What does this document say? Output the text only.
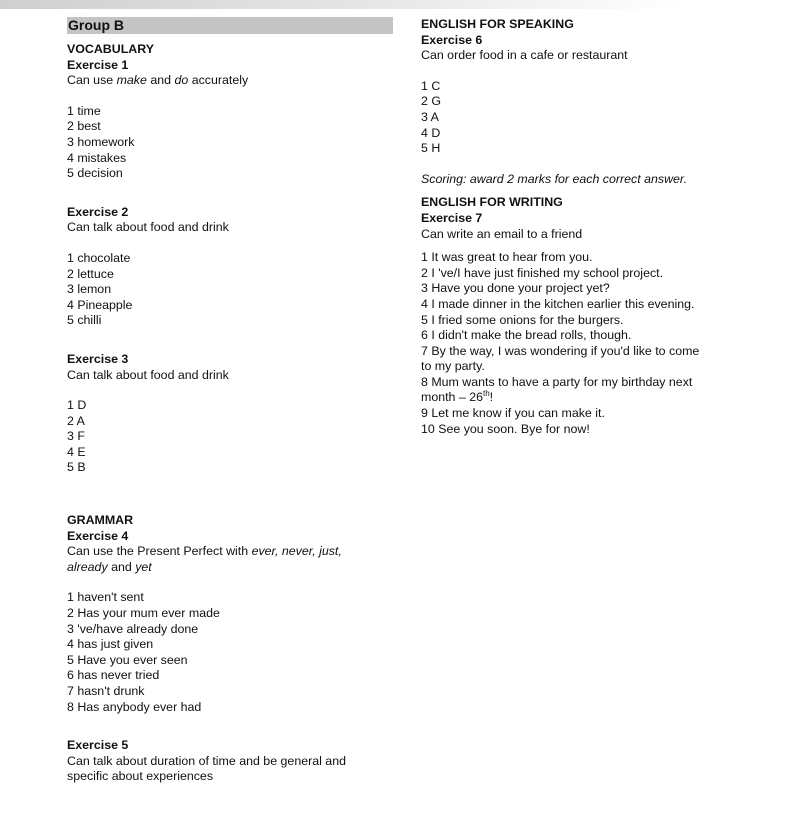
Group B
VOCABULARY
Exercise 1
Can use make and do accurately
1 time
2 best
3 homework
4 mistakes
5 decision
Exercise 2
Can talk about food and drink
1 chocolate
2 lettuce
3 lemon
4 Pineapple
5 chilli
Exercise 3
Can talk about food and drink
1 D
2 A
3 F
4 E
5 B
GRAMMAR
Exercise 4
Can use the Present Perfect with ever, never, just,
already and yet
1 haven't sent
2 Has your mum ever made
3 've/have already done
4 has just given
5 Have you ever seen
6 has never tried
7 hasn't drunk
8 Has anybody ever had
Exercise 5
Can talk about duration of time and be general and
specific about experiences
ENGLISH FOR SPEAKING
Exercise 6
Can order food in a cafe or restaurant
1 C
2 G
3 A
4 D
5 H
Scoring: award 2 marks for each correct answer.
ENGLISH FOR WRITING
Exercise 7
Can write an email to a friend
1 It was great to hear from you.
2 I 've/I have just finished my school project.
3 Have you done your project yet?
4 I made dinner in the kitchen earlier this evening.
5 I fried some onions for the burgers.
6 I didn't make the bread rolls, though.
7 By the way, I was wondering if you'd like to come
to my party.
8 Mum wants to have a party for my birthday next
month – 26th!
9 Let me know if you can make it.
10 See you soon. Bye for now!
